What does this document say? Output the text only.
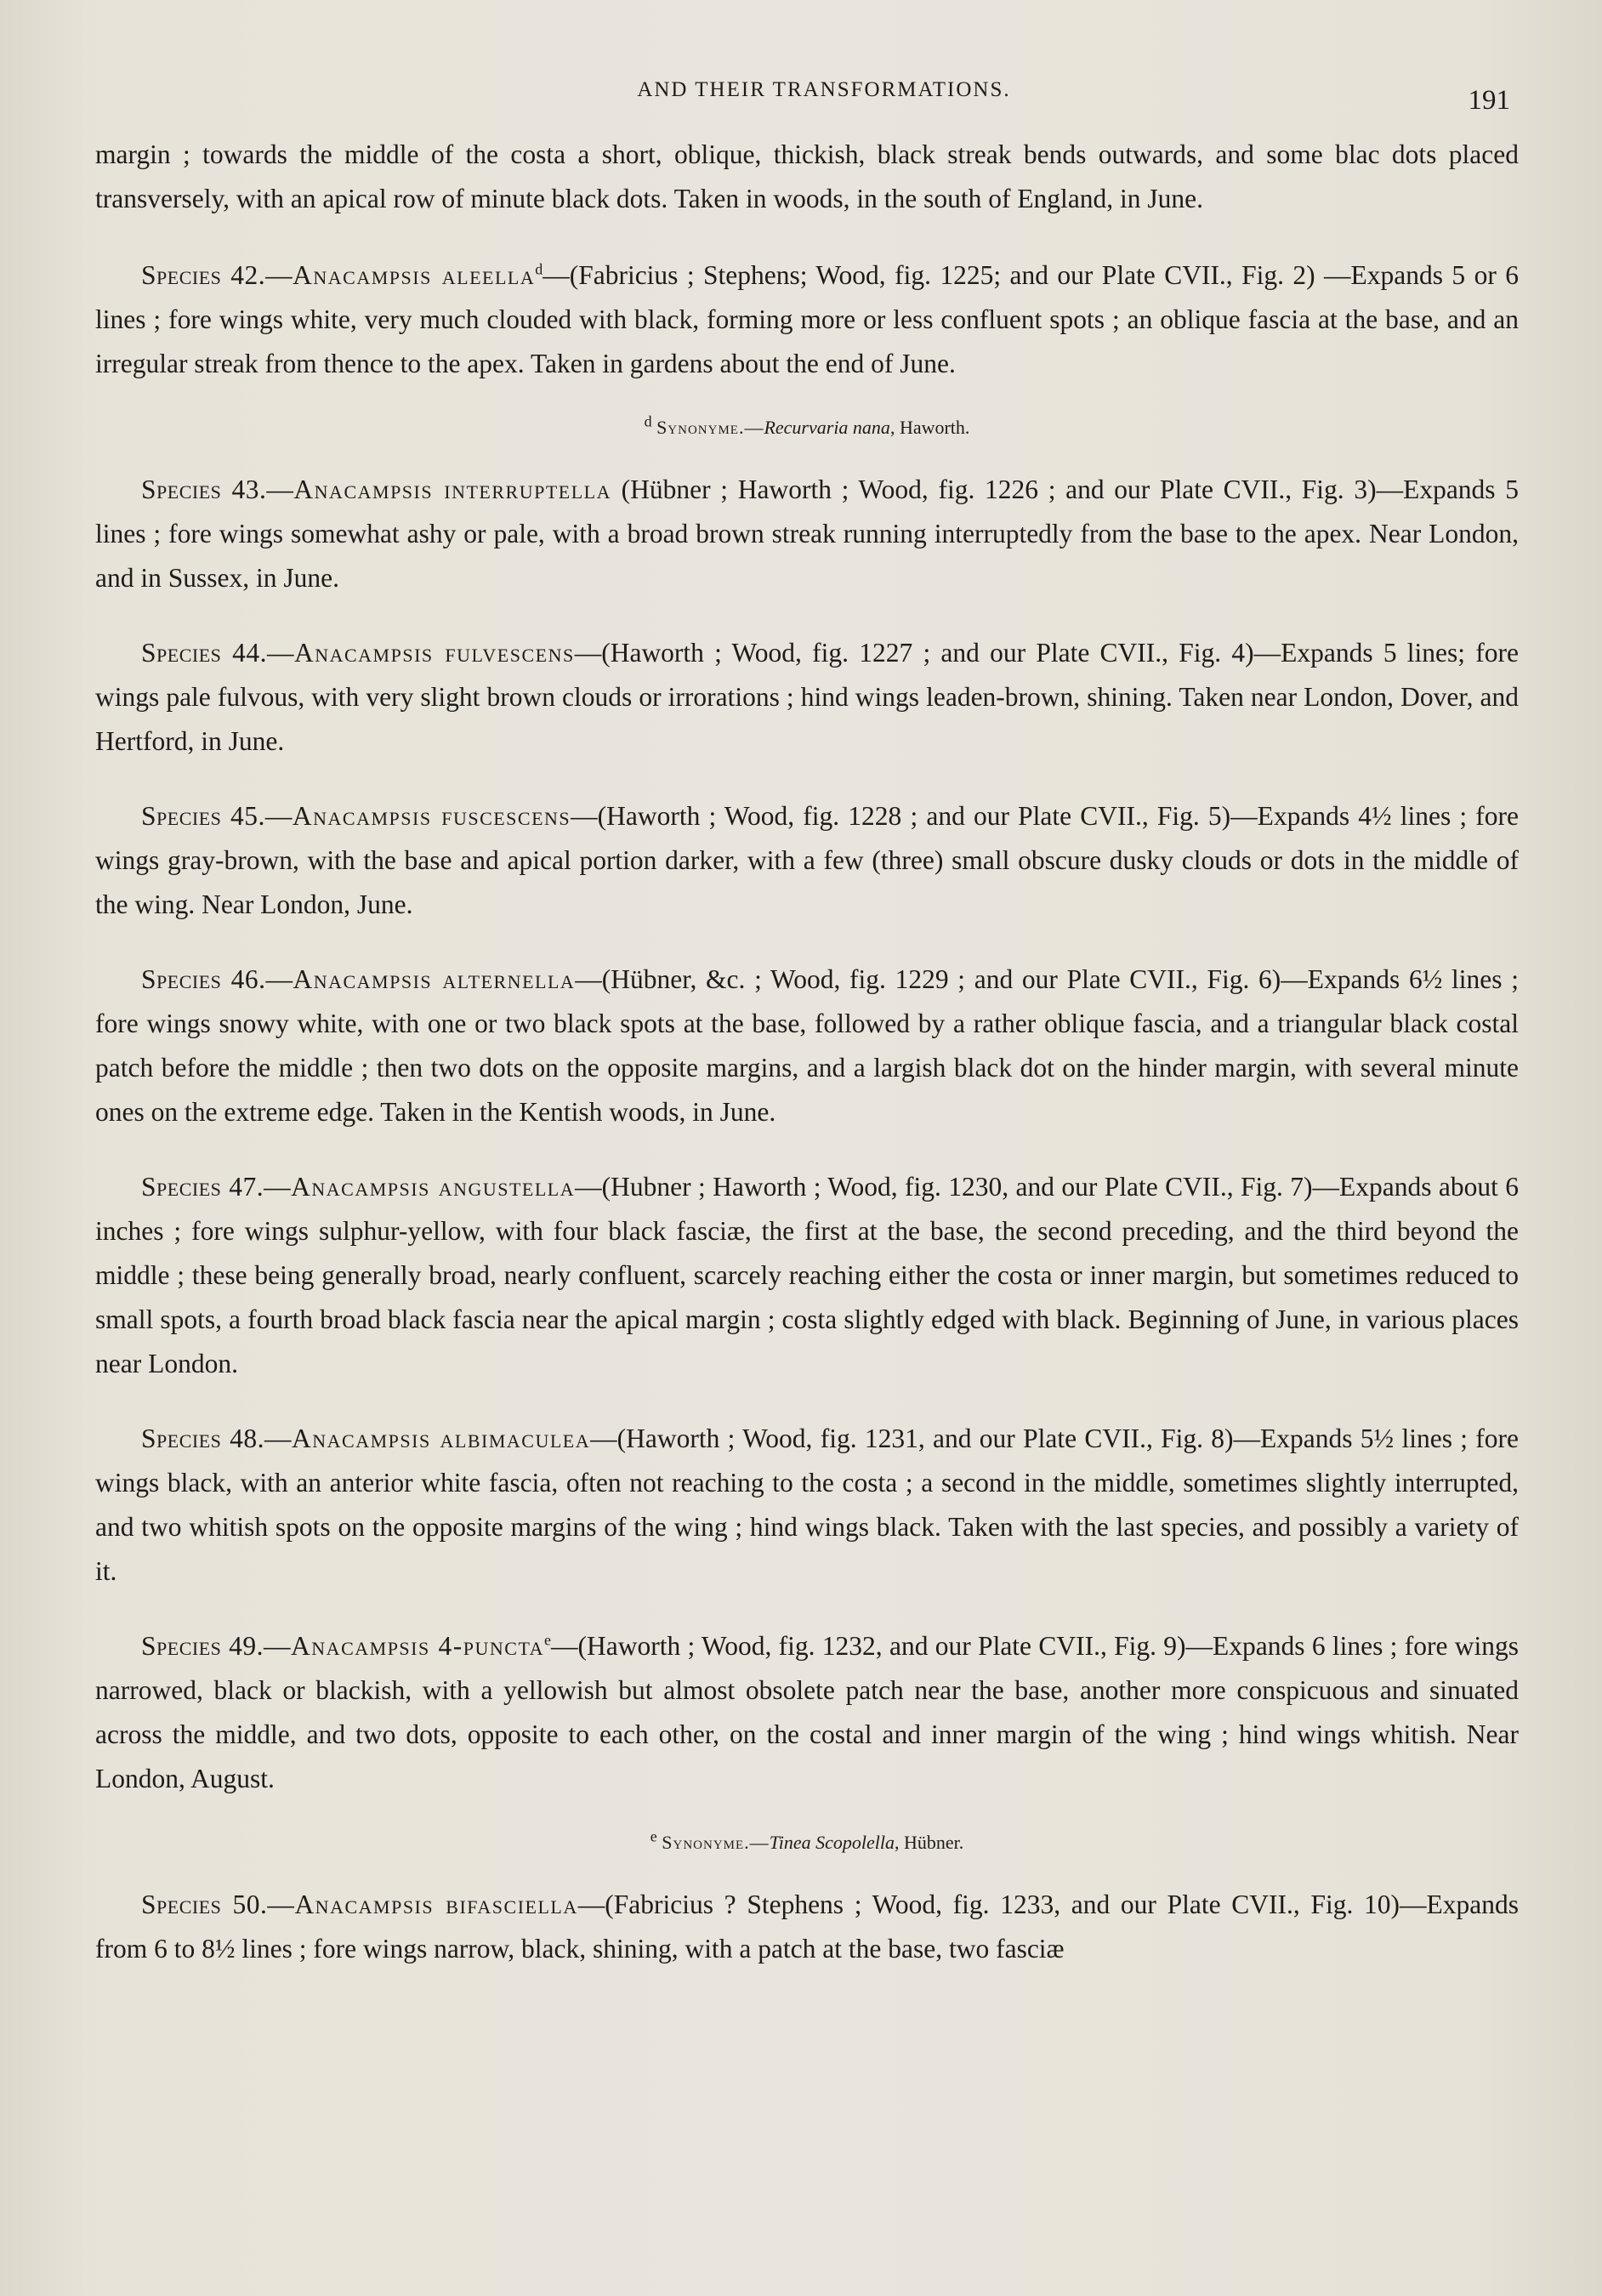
AND THEIR TRANSFORMATIONS.	191

margin ; towards the middle of the costa a short, oblique, thickish, black streak bends outwards, and some blac dots placed transversely, with an apical row of minute black dots. Taken in woods, in the south of England, in June.

Species 42.—Anacampsis aleella$^d$—(Fabricius ; Stephens; Wood, fig. 1225; and our Plate CVII., Fig. 2) —Expands 5 or 6 lines ; fore wings white, very much clouded with black, forming more or less confluent spots ; an oblique fascia at the base, and an irregular streak from thence to the apex. Taken in gardens about the end of June.

$^d$ Synonyme.—Recurvaria nana, Haworth.

Species 43.—Anacampsis interruptella (Hübner ; Haworth ; Wood, fig. 1226 ; and our Plate CVII., Fig. 3)—Expands 5 lines ; fore wings somewhat ashy or pale, with a broad brown streak running interruptedly from the base to the apex. Near London, and in Sussex, in June.

Species 44.—Anacampsis fulvescens—(Haworth ; Wood, fig. 1227 ; and our Plate CVII., Fig. 4)—Expands 5 lines; fore wings pale fulvous, with very slight brown clouds or irrorations ; hind wings leaden-brown, shining. Taken near London, Dover, and Hertford, in June.

Species 45.—Anacampsis fuscescens—(Haworth ; Wood, fig. 1228 ; and our Plate CVII., Fig. 5)—Expands 4½ lines ; fore wings gray-brown, with the base and apical portion darker, with a few (three) small obscure dusky clouds or dots in the middle of the wing. Near London, June.

Species 46.—Anacampsis alternella—(Hübner, &c. ; Wood, fig. 1229 ; and our Plate CVII., Fig. 6)—Expands 6½ lines ; fore wings snowy white, with one or two black spots at the base, followed by a rather oblique fascia, and a triangular black costal patch before the middle ; then two dots on the opposite margins, and a largish black dot on the hinder margin, with several minute ones on the extreme edge. Taken in the Kentish woods, in June.

Species 47.—Anacampsis angustella—(Hubner ; Haworth ; Wood, fig. 1230, and our Plate CVII., Fig. 7)—Expands about 6 inches ; fore wings sulphur-yellow, with four black fasciæ, the first at the base, the second preceding, and the third beyond the middle ; these being generally broad, nearly confluent, scarcely reaching either the costa or inner margin, but sometimes reduced to small spots, a fourth broad black fascia near the apical margin ; costa slightly edged with black. Beginning of June, in various places near London.

Species 48.—Anacampsis albimaculea—(Haworth ; Wood, fig. 1231, and our Plate CVII., Fig. 8)—Expands 5½ lines ; fore wings black, with an anterior white fascia, often not reaching to the costa ; a second in the middle, sometimes slightly interrupted, and two whitish spots on the opposite margins of the wing ; hind wings black. Taken with the last species, and possibly a variety of it.

Species 49.—Anacampsis 4-puncta$^e$—(Haworth ; Wood, fig. 1232, and our Plate CVII., Fig. 9)—Expands 6 lines ; fore wings narrowed, black or blackish, with a yellowish but almost obsolete patch near the base, another more conspicuous and sinuated across the middle, and two dots, opposite to each other, on the costal and inner margin of the wing ; hind wings whitish. Near London, August.

$^e$ Synonyme.—Tinea Scopolella, Hübner.

Species 50.—Anacampsis bifasciella—(Fabricius ? Stephens ; Wood, fig. 1233, and our Plate CVII., Fig. 10)—Expands from 6 to 8½ lines ; fore wings narrow, black, shining, with a patch at the base, two fasciæ
